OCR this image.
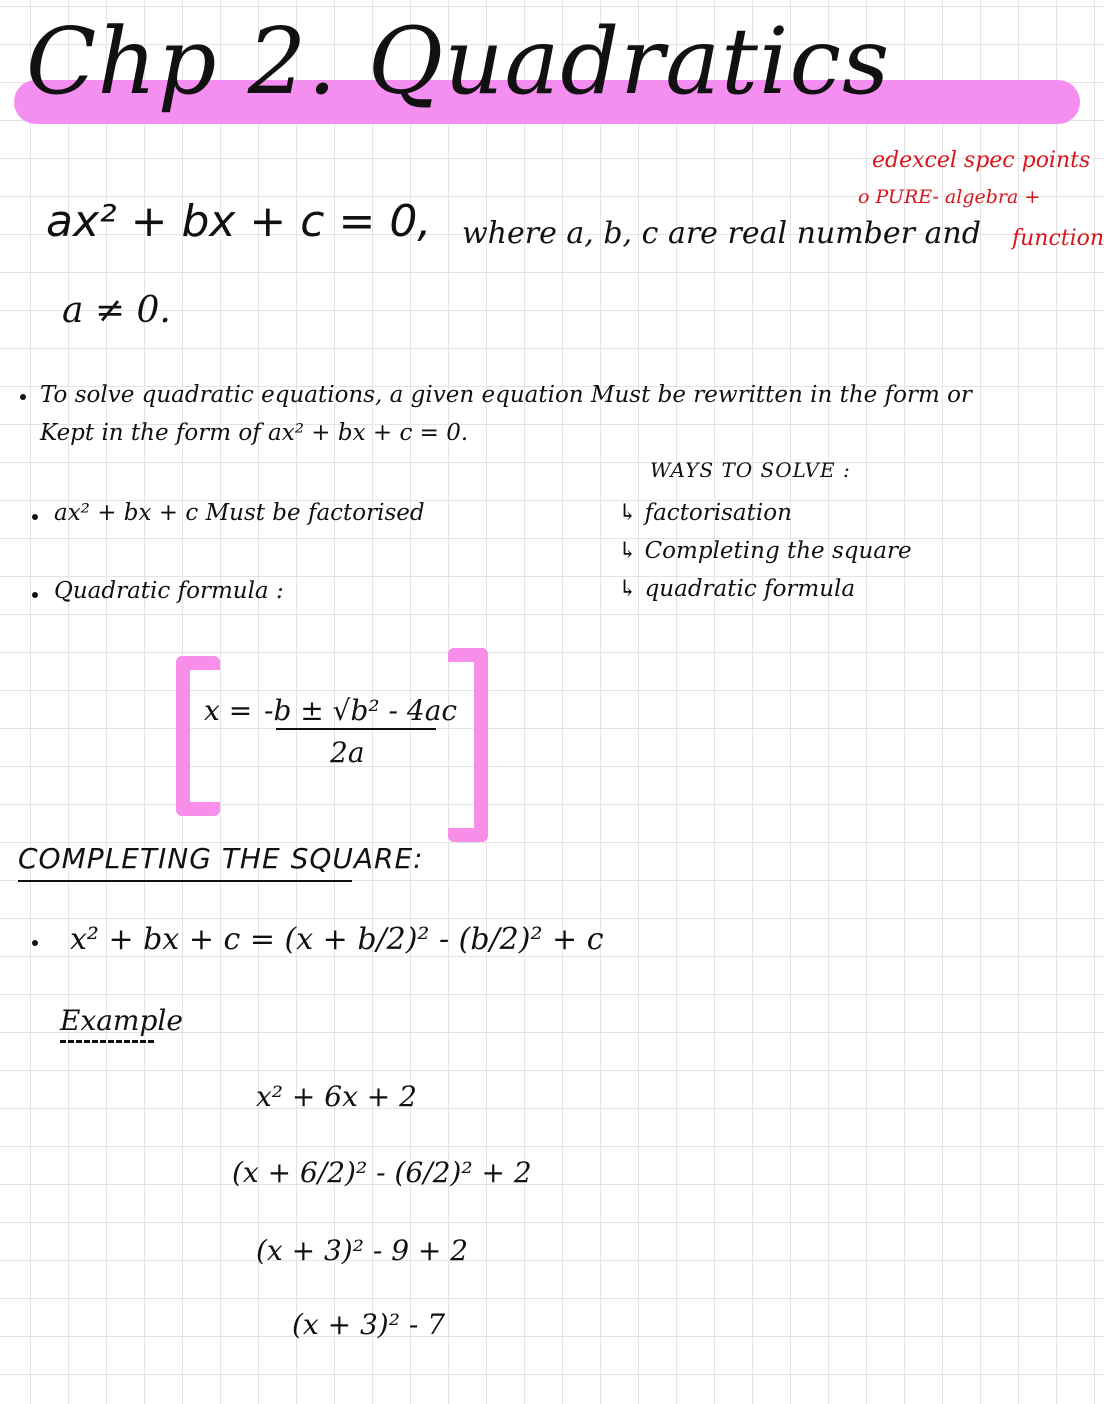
Chp 2. Quadratics
edexcel spec points
o PURE- algebra +
function
ax² + bx + c = 0, where a, b, c are real number and
a ≠ 0.
To solve quadratic equations, a given equation Must be rewritten in the form or
Kept in the form of ax² + bx + c = 0.
WAYS TO SOLVE :
↳ factorisation
↳ Completing the square
↳ quadratic formula
ax² + bx + c Must be factorised
Quadratic formula :
x = -b ± √b² - 4ac
2a
COMPLETING THE SQUARE:
x² + bx + c = (x + b/2)² - (b/2)² + c
Example
x² + 6x + 2
(x + 6/2)² - (6/2)² + 2
(x + 3)² - 9 + 2
(x + 3)² - 7
